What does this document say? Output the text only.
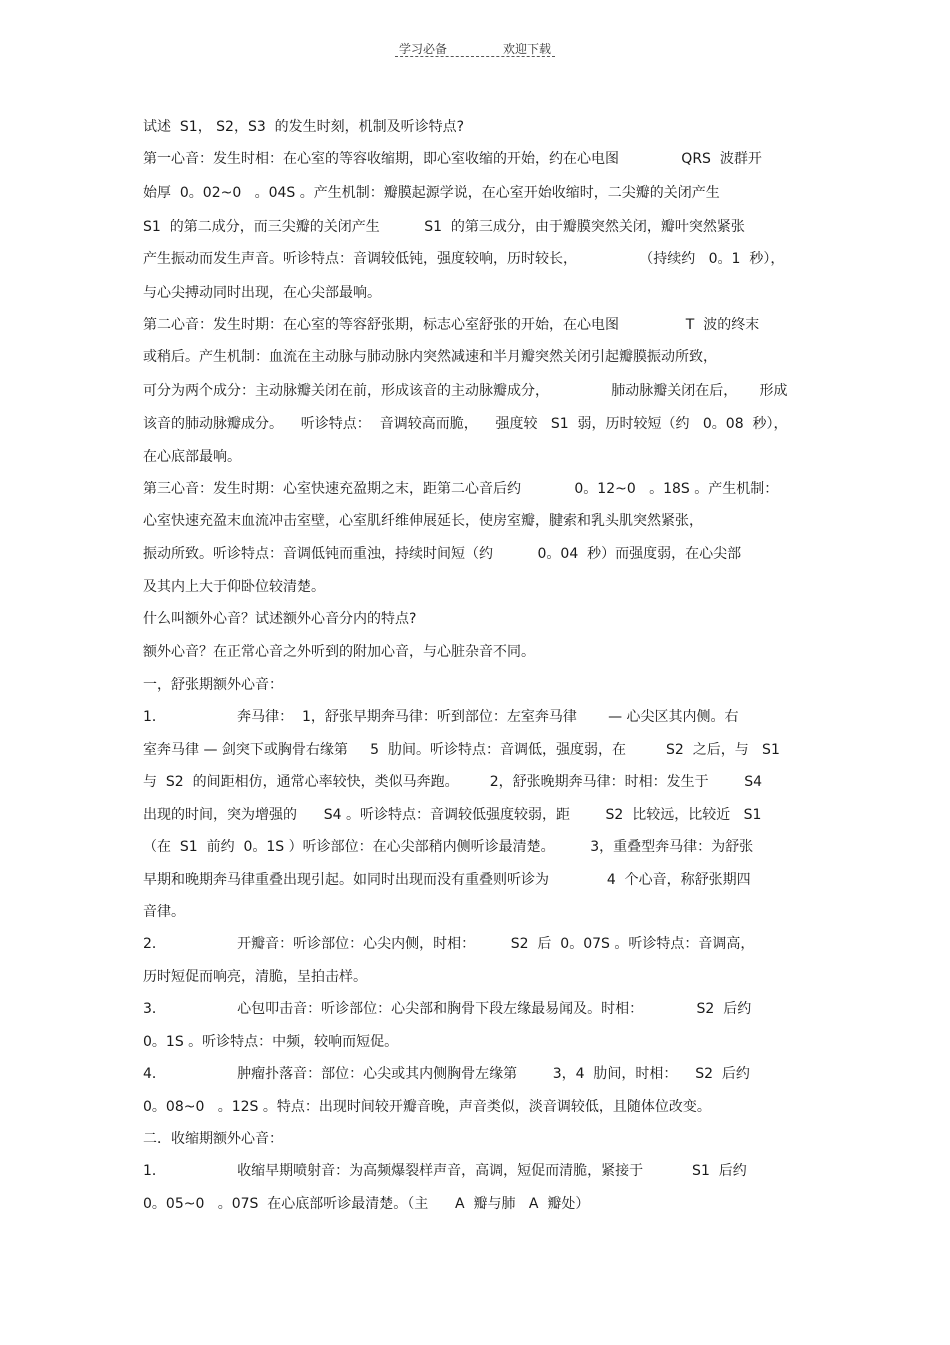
学习必备	欢迎下载
试述  S1， S2，S3  的发生时刻，机制及听诊特点?
第一心音：发生时相：在心室的等容收缩期，即心室收缩的开始，约在心电图              QRS  波群开
始厚  0。02~0   。04S 。产生机制：瓣膜起源学说，在心室开始收缩时，二尖瓣的关闭产生
S1  的第二成分，而三尖瓣的关闭产生          S1  的第三成分，由于瓣膜突然关闭，瓣叶突然紧张
产生振动而发生声音。听诊特点：音调较低钝，强度较响，历时较长，              （持续约   0。1  秒），
与心尖搏动同时出现，在心尖部最响。
第二心音：发生时期：在心室的等容舒张期，标志心室舒张的开始，在心电图               T  波的终末
或稍后。产生机制：血流在主动脉与肺动脉内突然减速和半月瓣突然关闭引起瓣膜振动所致，
可分为两个成分：主动脉瓣关闭在前，形成该音的主动脉瓣成分，              肺动脉瓣关闭在后，     形成
该音的肺动脉瓣成分。    听诊特点：  音调较高而脆，    强度较   S1  弱，历时较短（约   0。08  秒），
在心底部最响。
第三心音：发生时期：心室快速充盈期之末，距第二心音后约            0。12~0   。18S 。产生机制：
心室快速充盈末血流冲击室壁，心室肌纤维伸展延长，使房室瓣，腱索和乳头肌突然紧张，
振动所致。听诊特点：音调低钝而重浊，持续时间短（约          0。04  秒）而强度弱，在心尖部
及其内上大于仰卧位较清楚。
什么叫额外心音？试述额外心音分内的特点?
额外心音？在正常心音之外听到的附加心音，与心脏杂音不同。
一，舒张期额外心音：
1．                奔马律：  1，舒张早期奔马律：听到部位：左室奔马律       — 心尖区其内侧。右
室奔马律 — 剑突下或胸骨右缘第     5  肋间。听诊特点：音调低，强度弱，在         S2  之后，与   S1
与  S2  的间距相仿，通常心率较快，类似马奔跑。       2，舒张晚期奔马律：时相：发生于        S4
出现的时间，突为增强的      S4 。听诊特点：音调较低强度较弱，距        S2  比较远，比较近   S1
（在  S1  前约  0。1S ）听诊部位：在心尖部稍内侧听诊最清楚。        3，重叠型奔马律：为舒张
早期和晚期奔马律重叠出现引起。如同时出现而没有重叠则听诊为             4  个心音，称舒张期四
音律。
2．                开瓣音：听诊部位：心尖内侧，时相：        S2  后  0。07S 。听诊特点：音调高，
历时短促而响亮，清脆，呈拍击样。
3．                心包叩击音：听诊部位：心尖部和胸骨下段左缘最易闻及。时相：            S2  后约
0。1S 。听诊特点：中频，较响而短促。
4．                肿瘤扑落音：部位：心尖或其内侧胸骨左缘第        3，4  肋间，时相：    S2  后约
0。08~0   。12S 。特点：出现时间较开瓣音晚，声音类似，淡音调较低，且随体位改变。
二．收缩期额外心音：
1．                收缩早期喷射音：为高频爆裂样声音，高调，短促而清脆，紧接于           S1  后约
0。05~0   。07S  在心底部听诊最清楚。（主      A  瓣与肺   A  瓣处）
